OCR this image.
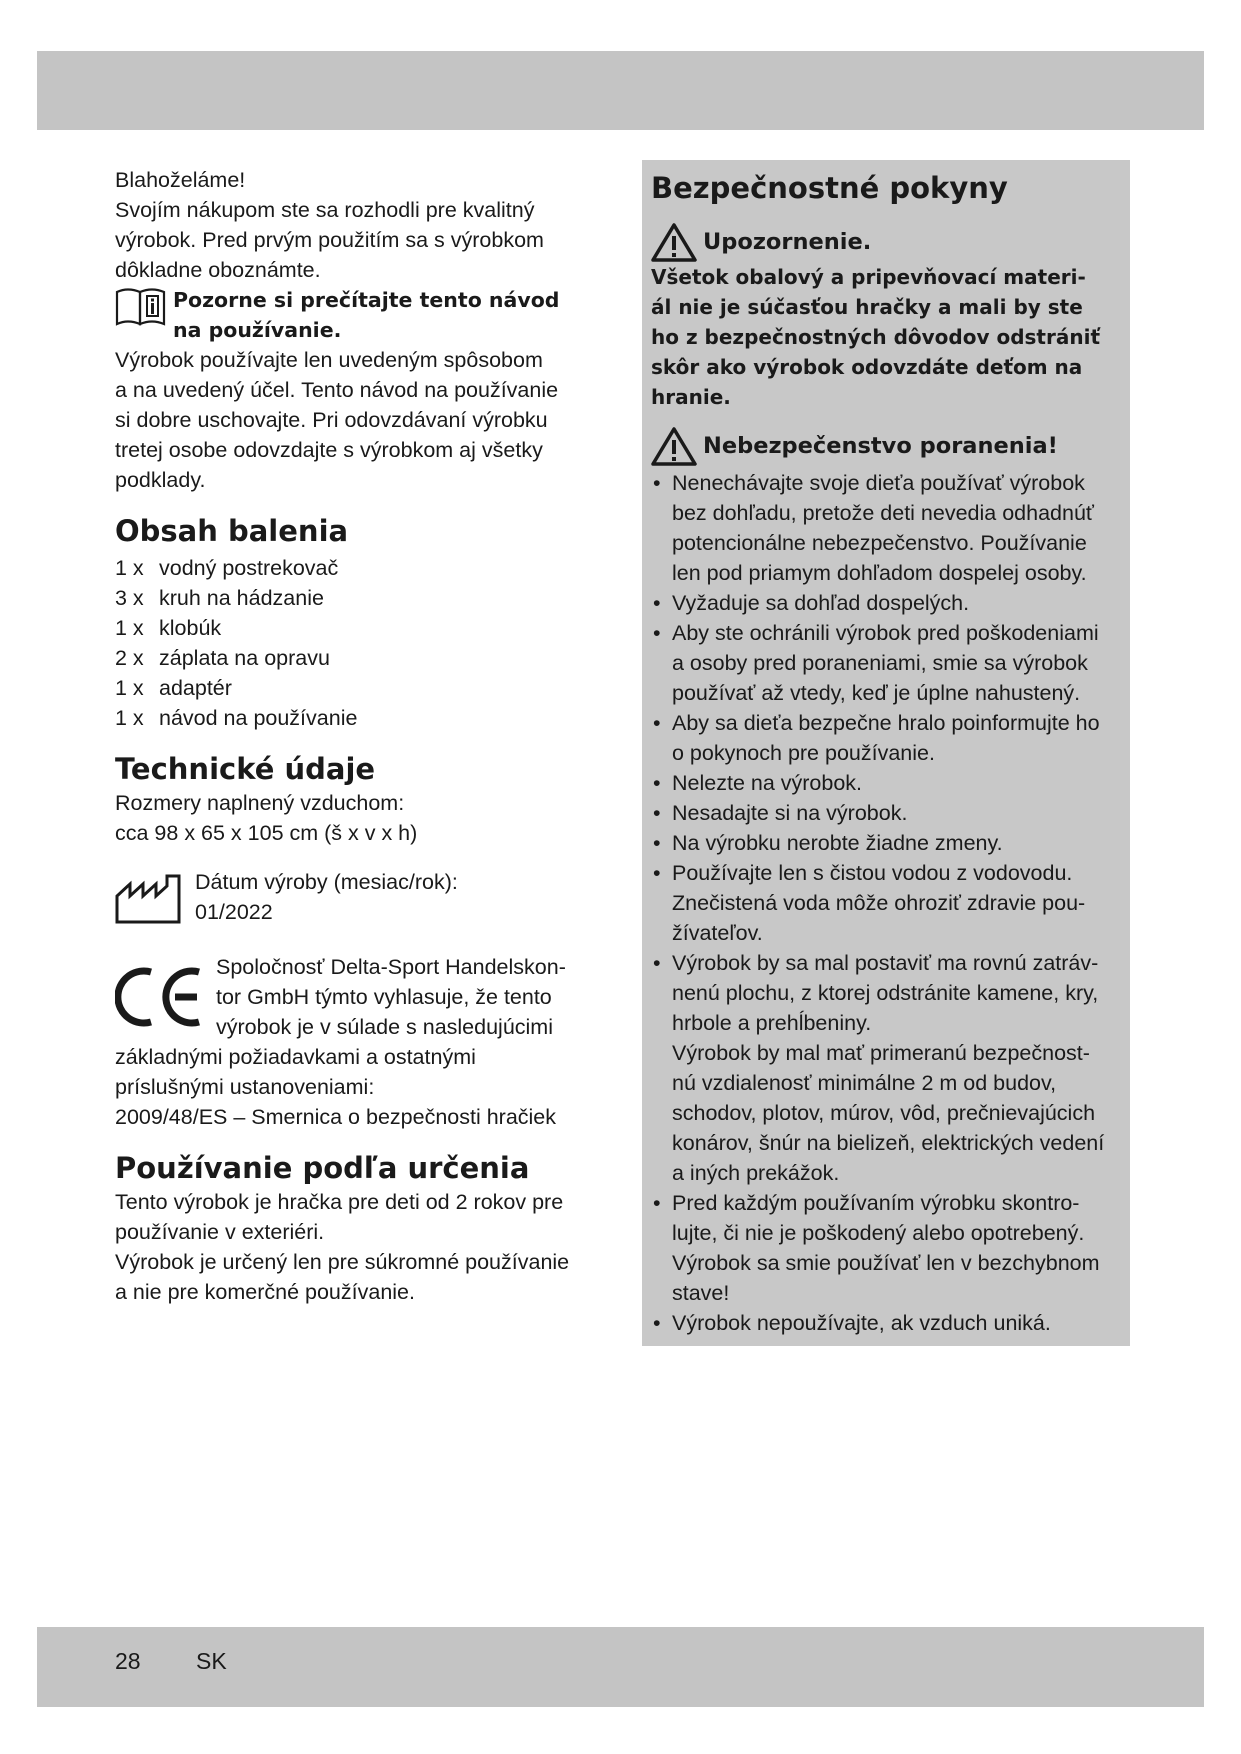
Blahoželáme!
Svojím nákupom ste sa rozhodli pre kvalitný
výrobok. Pred prvým použitím sa s výrobkom
dôkladne oboznámte.

Pozorne si prečítajte tento návod
na používanie.

Výrobok používajte len uvedeným spôsobom
a na uvedený účel. Tento návod na používanie
si dobre uschovajte. Pri odovzdávaní výrobku
tretej osobe odovzdajte s výrobkom aj všetky
podklady.

Obsah balenia
1 x vodný postrekovač
3 x kruh na hádzanie
1 x klobúk
2 x záplata na opravu
1 x adaptér
1 x návod na používanie
Technické údaje

Rozmery naplnený vzduchom:
cca 98 x 65 x 105 cm (š x v x h)

Dátum výroby (mesiac/rok):
01/2022
Spoločnosť Delta-Sport Handelskon-
tor GmbH týmto vyhlasuje, že tento
výrobok je v súlade s nasledujúcimi

základnými požiadavkami a ostatnými
príslušnými ustanoveniami:
2009/48/ES – Smernica o bezpečnosti hračiek

Používanie podľa určenia

Tento výrobok je hračka pre deti od 2 rokov pre
používanie v exteriéri.
Výrobok je určený len pre súkromné používanie
a nie pre komerčné používanie.

Bezpečnostné pokyny
Upozornenie.

Všetok obalový a pripevňovací materi-
ál nie je súčasťou hračky a mali by ste
ho z bezpečnostných dôvodov odstrániť
skôr ako výrobok odovzdáte deťom na
hranie.

Nebezpečenstvo poranenia!
• Nenechávajte svoje dieťa používať výrobok
bez dohľadu, pretože deti nevedia odhadnúť
potencionálne nebezpečenstvo. Používanie
len pod priamym dohľadom dospelej osoby.
• Vyžaduje sa dohľad dospelých.
• Aby ste ochránili výrobok pred poškodeniami
a osoby pred poraneniami, smie sa výrobok
používať až vtedy, keď je úplne nahustený.
• Aby sa dieťa bezpečne hralo poinformujte ho
o pokynoch pre používanie.
• Nelezte na výrobok.
• Nesadajte si na výrobok.
• Na výrobku nerobte žiadne zmeny.
• Používajte len s čistou vodou z vodovodu.
Znečistená voda môže ohroziť zdravie pou-
žívateľov.
• Výrobok by sa mal postaviť ma rovnú zatráv-
nenú plochu, z ktorej odstránite kamene, kry,
hrbole a prehĺbeniny.
Výrobok by mal mať primeranú bezpečnost-
nú vzdialenosť minimálne 2 m od budov,
schodov, plotov, múrov, vôd, prečnievajúcich
konárov, šnúr na bielizeň, elektrických vedení
a iných prekážok.
• Pred každým používaním výrobku skontro-
lujte, či nie je poškodený alebo opotrebený.
Výrobok sa smie používať len v bezchybnom
stave!
• Výrobok nepoužívajte, ak vzduch uniká.
28 SK
